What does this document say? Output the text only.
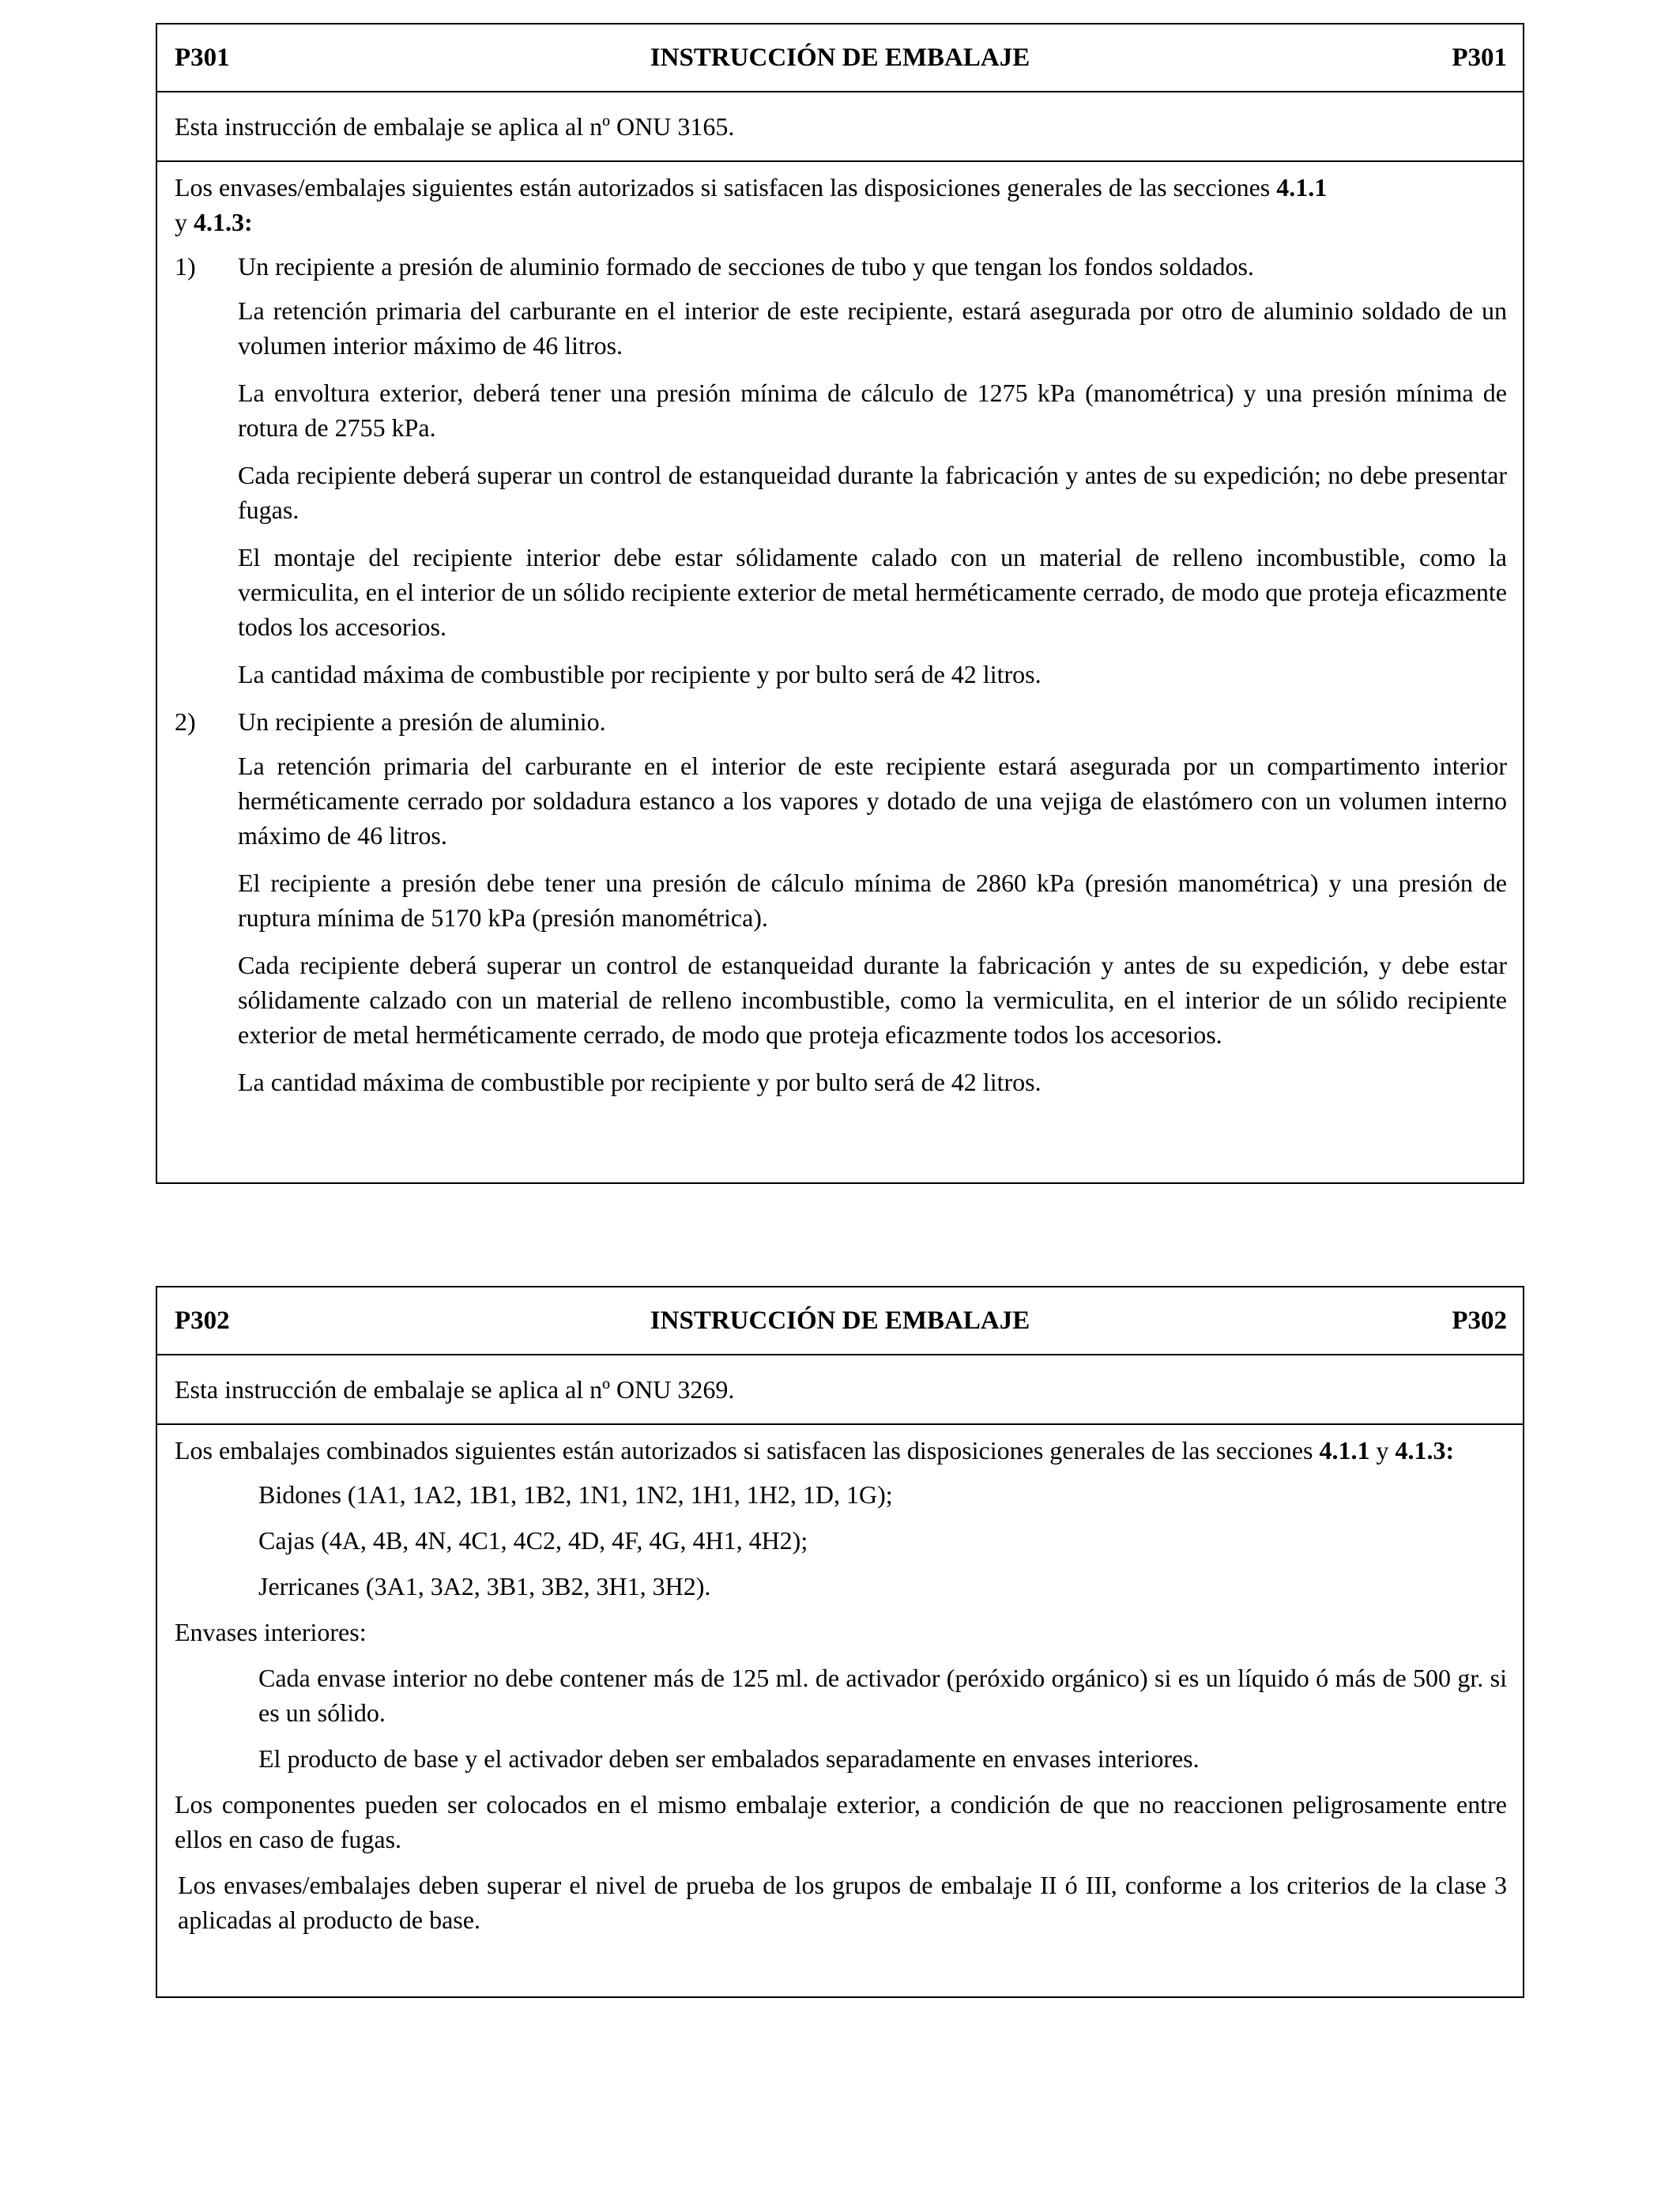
P301	INSTRUCCIÓN DE EMBALAJE	P301
Esta instrucción de embalaje se aplica al nº ONU 3165.

Los envases/embalajes siguientes están autorizados si satisfacen las disposiciones generales de las secciones 4.1.1
y 4.1.3:

1)	Un recipiente a presión de aluminio formado de secciones de tubo y que tengan los fondos soldados.

La retención primaria del carburante en el interior de este recipiente, estará asegurada por otro de aluminio soldado de un volumen interior máximo de 46 litros.

La envoltura exterior, deberá tener una presión mínima de cálculo de 1275 kPa (manométrica) y una presión mínima de rotura de 2755 kPa.

Cada recipiente deberá superar un control de estanqueidad durante la fabricación y antes de su expedición; no debe presentar fugas.

El montaje del recipiente interior debe estar sólidamente calado con un material de relleno incombustible, como la vermiculita, en el interior de un sólido recipiente exterior de metal herméticamente cerrado, de modo que proteja eficazmente todos los accesorios.

La cantidad máxima de combustible por recipiente y por bulto será de 42 litros.

2)	Un recipiente a presión de aluminio.

La retención primaria del carburante en el interior de este recipiente estará asegurada por un compartimento interior herméticamente cerrado por soldadura estanco a los vapores y dotado de una vejiga de elastómero con un volumen interno máximo de 46 litros.

El recipiente a presión debe tener una presión de cálculo mínima de 2860 kPa (presión manométrica) y una presión de ruptura mínima de 5170 kPa (presión manométrica).

Cada recipiente deberá superar un control de estanqueidad durante la fabricación y antes de su expedición, y debe estar sólidamente calzado con un material de relleno incombustible, como la vermiculita, en el interior de un sólido recipiente exterior de metal herméticamente cerrado, de modo que proteja eficazmente todos los accesorios.

La cantidad máxima de combustible por recipiente y por bulto será de 42 litros.

P302	INSTRUCCIÓN DE EMBALAJE	P302
Esta instrucción de embalaje se aplica al nº ONU 3269.

Los embalajes combinados siguientes están autorizados si satisfacen las disposiciones generales de las secciones 4.1.1 y 4.1.3:

Bidones (1A1, 1A2, 1B1, 1B2, 1N1, 1N2, 1H1, 1H2, 1D, 1G);

Cajas (4A, 4B, 4N, 4C1, 4C2, 4D, 4F, 4G, 4H1, 4H2);

Jerricanes (3A1, 3A2, 3B1, 3B2, 3H1, 3H2).

Envases interiores:

Cada envase interior no debe contener más de 125 ml. de activador (peróxido orgánico) si es un líquido ó más de 500 gr. si es un sólido.

El producto de base y el activador deben ser embalados separadamente en envases interiores.

Los componentes pueden ser colocados en el mismo embalaje exterior, a condición de que no reaccionen peligrosamente entre ellos en caso de fugas.

Los envases/embalajes deben superar el nivel de prueba de los grupos de embalaje II ó III, conforme a los criterios de la clase 3 aplicadas al producto de base.
